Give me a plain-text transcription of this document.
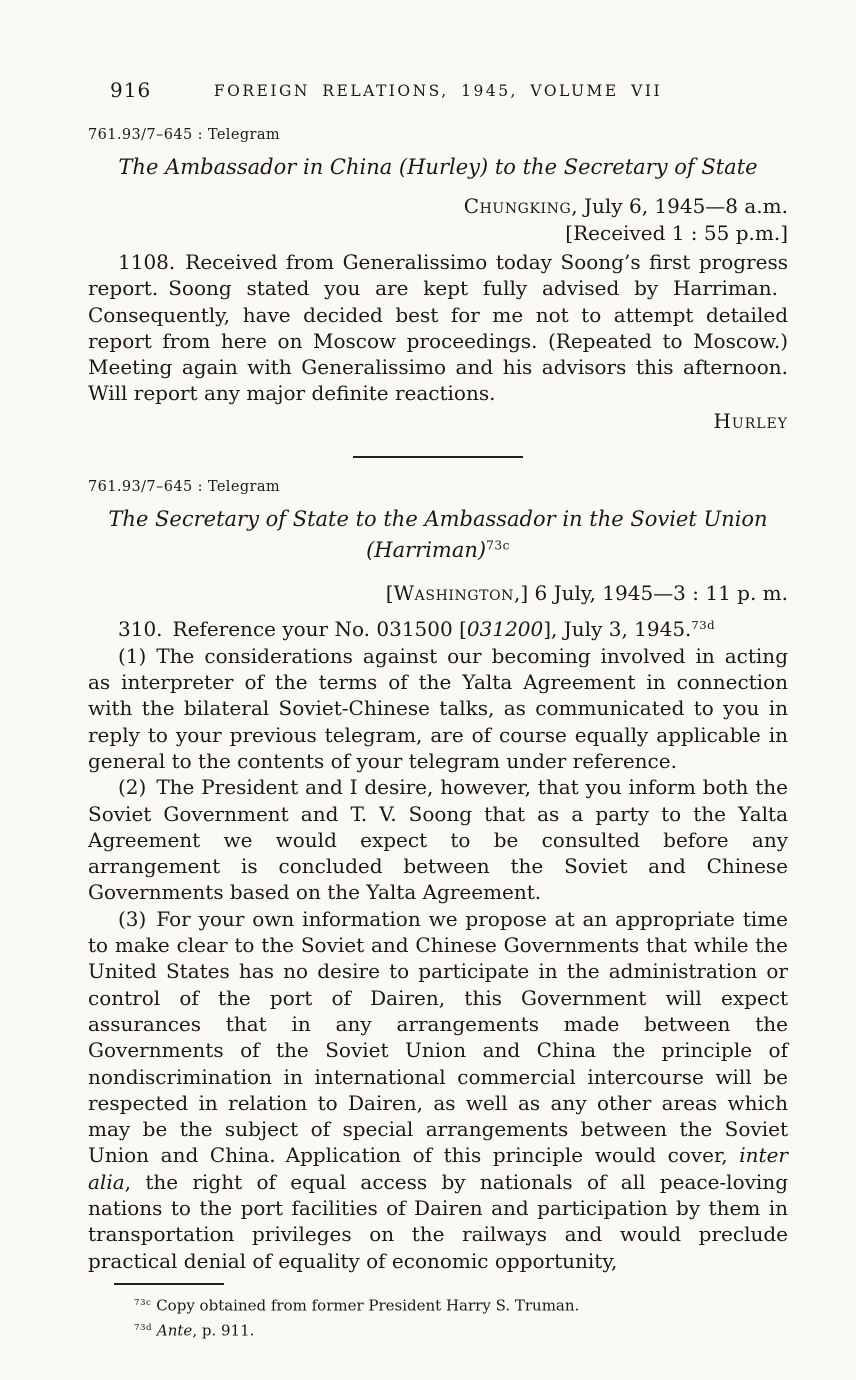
916	FOREIGN RELATIONS, 1945, VOLUME VII
761.93/7–645 : Telegram
The Ambassador in China (Hurley) to the Secretary of State
Chungking, July 6, 1945—8 a.m.
[Received 1 : 55 p.m.]

1108. Received from Generalissimo today Soong’s first progress report. Soong stated you are kept fully advised by Harriman. Consequently, have decided best for me not to attempt detailed report from here on Moscow proceedings. (Repeated to Moscow.) Meeting again with Generalissimo and his advisors this afternoon. Will report any major definite reactions.

Hurley
761.93/7–645 : Telegram
The Secretary of State to the Ambassador in the Soviet Union
(Harriman)$^{73c}$
[Washington,] 6 July, 1945—3 : 11 p. m.

310. Reference your No. 031500 [031200], July 3, 1945.$^{73d}$

(1) The considerations against our becoming involved in acting as interpreter of the terms of the Yalta Agreement in connection with the bilateral Soviet-Chinese talks, as communicated to you in reply to your previous telegram, are of course equally applicable in general to the contents of your telegram under reference.

(2) The President and I desire, however, that you inform both the Soviet Government and T. V. Soong that as a party to the Yalta Agreement we would expect to be consulted before any arrangement is concluded between the Soviet and Chinese Governments based on the Yalta Agreement.

(3) For your own information we propose at an appropriate time to make clear to the Soviet and Chinese Governments that while the United States has no desire to participate in the administration or control of the port of Dairen, this Government will expect assurances that in any arrangements made between the Governments of the Soviet Union and China the principle of nondiscrimination in international commercial intercourse will be respected in relation to Dairen, as well as any other areas which may be the subject of special arrangements between the Soviet Union and China. Application of this principle would cover, inter alia, the right of equal access by nationals of all peace-loving nations to the port facilities of Dairen and participation by them in transportation privileges on the railways and would preclude practical denial of equality of economic opportunity,

$^{73c}$ Copy obtained from former President Harry S. Truman.

$^{73d}$ Ante, p. 911.
